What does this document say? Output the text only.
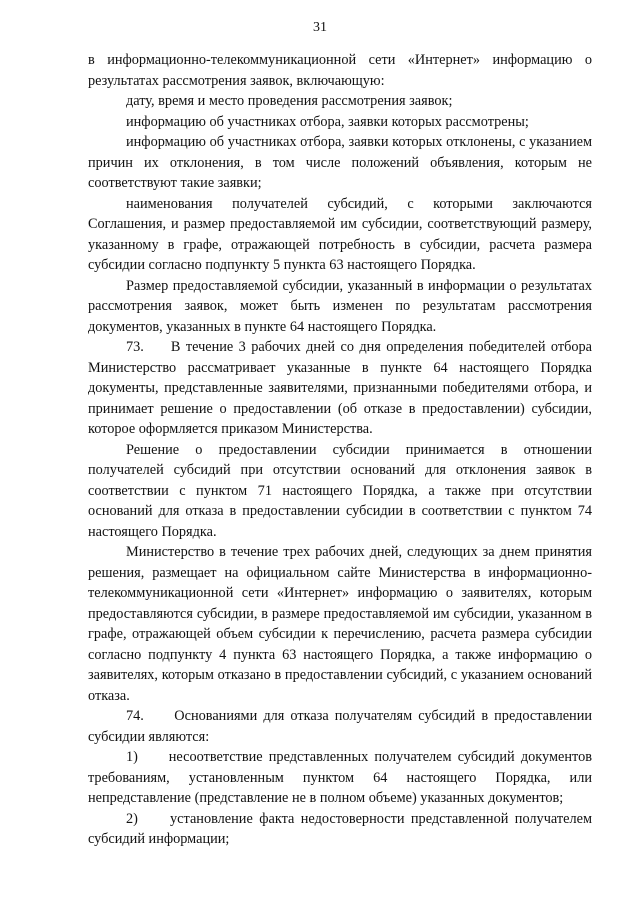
31

в информационно-телекоммуникационной сети «Интернет» информацию о результатах рассмотрения заявок, включающую:

дату, время и место проведения рассмотрения заявок;

информацию об участниках отбора, заявки которых рассмотрены;

информацию об участниках отбора, заявки которых отклонены, с указанием причин их отклонения, в том числе положений объявления, которым не соответствуют такие заявки;

наименования получателей субсидий, с которыми заключаются Соглашения, и размер предоставляемой им субсидии, соответствующий размеру, указанному в графе, отражающей потребность в субсидии, расчета размера субсидии согласно подпункту 5 пункта 63 настоящего Порядка.

Размер предоставляемой субсидии, указанный в информации о результатах рассмотрения заявок, может быть изменен по результатам рассмотрения документов, указанных в пункте 64 настоящего Порядка.

73.     В течение 3 рабочих дней со дня определения победителей отбора Министерство рассматривает указанные в пункте 64 настоящего Порядка документы, представленные заявителями, признанными победителями отбора, и принимает решение о предоставлении (об отказе в предоставлении) субсидии, которое оформляется приказом Министерства.

Решение о предоставлении субсидии принимается в отношении получателей субсидий при отсутствии оснований для отклонения заявок в соответствии с пунктом 71 настоящего Порядка, а также при отсутствии оснований для отказа в предоставлении субсидии в соответствии с пунктом 74 настоящего Порядка.

Министерство в течение трех рабочих дней, следующих за днем принятия решения, размещает на официальном сайте Министерства в информационно-телекоммуникационной сети «Интернет» информацию о заявителях, которым предоставляются субсидии, в размере предоставляемой им субсидии, указанном в графе, отражающей объем субсидии к перечислению, расчета размера субсидии согласно подпункту 4 пункта 63 настоящего Порядка, а также информацию о заявителях, которым отказано в предоставлении субсидий, с указанием оснований отказа.

74.     Основаниями для отказа получателям субсидий в предоставлении субсидии являются:

1)     несоответствие представленных получателем субсидий документов требованиям, установленным пунктом 64 настоящего Порядка, или непредставление (представление не в полном объеме) указанных документов;

2)     установление факта недостоверности представленной получателем субсидий информации;
